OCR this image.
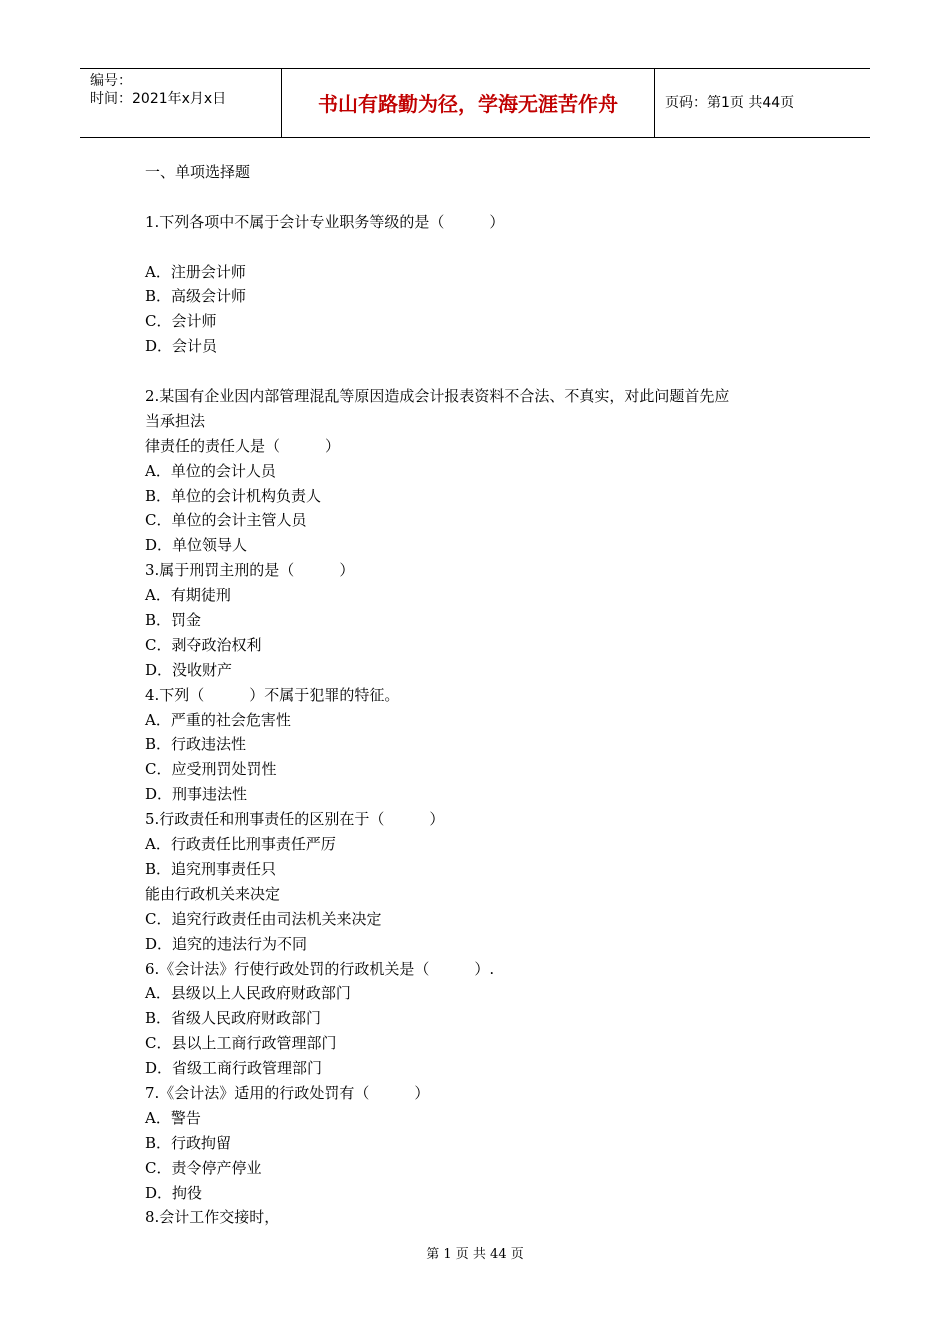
编号：
时间：2021年x月x日	书山有路勤为径，学海无涯苦作舟	页码：第1页 共44页
一、单项选择题
1.下列各项中不属于会计专业职务等级的是（　　　）
A．注册会计师
B．高级会计师
C．会计师
D．会计员
2.某国有企业因内部管理混乱等原因造成会计报表资料不合法、不真实，对此问题首先应
当承担法
律责任的责任人是（　　　）
A．单位的会计人员
B．单位的会计机构负责人
C．单位的会计主管人员
D．单位领导人
3.属于刑罚主刑的是（　　　）
A．有期徒刑
B．罚金
C．剥夺政治权利
D．没收财产
4.下列（　　　）不属于犯罪的特征。
A．严重的社会危害性
B．行政违法性
C．应受刑罚处罚性
D．刑事违法性
5.行政责任和刑事责任的区别在于（　　　）
A．行政责任比刑事责任严厉
B．追究刑事责任只
能由行政机关来决定
C．追究行政责任由司法机关来决定
D．追究的违法行为不同
6.《会计法》行使行政处罚的行政机关是（　　　）.
A．县级以上人民政府财政部门
B．省级人民政府财政部门
C．县以上工商行政管理部门
D．省级工商行政管理部门
7.《会计法》适用的行政处罚有（　　　）
A．警告
B．行政拘留
C．责令停产停业
D．拘役
8.会计工作交接时，
第 1 页 共 44 页
